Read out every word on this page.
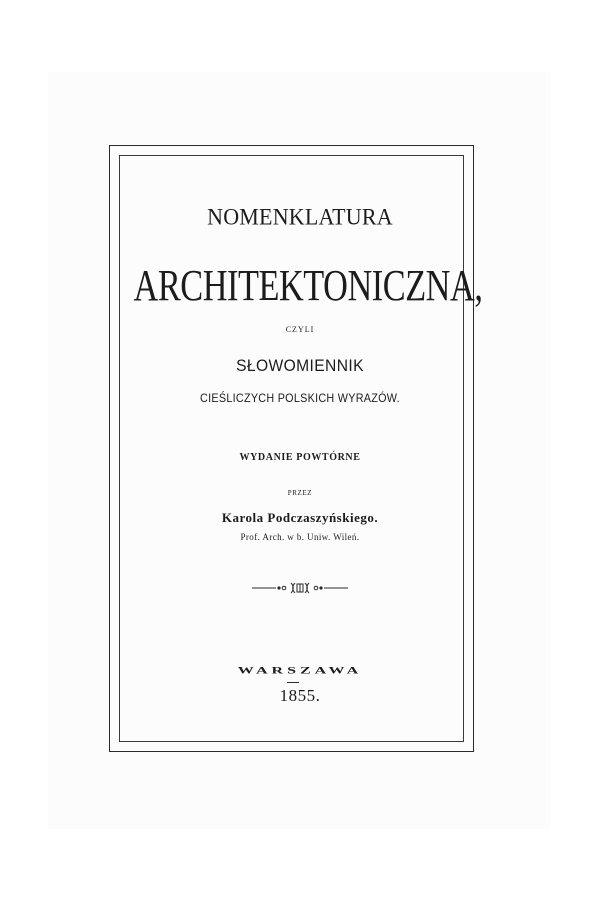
NOMENKLATURA
ARCHITEKTONICZNA,
CZYLI
SŁOWOMIENNIK
CIEŚLICZYCH POLSKICH WYRAZÓW.
WYDANIE POWTÓRNE
PRZEZ
Karola Podczaszyńskiego.
Prof. Arch. w b. Uniw. Wileń.
WARSZAWA
1855.
